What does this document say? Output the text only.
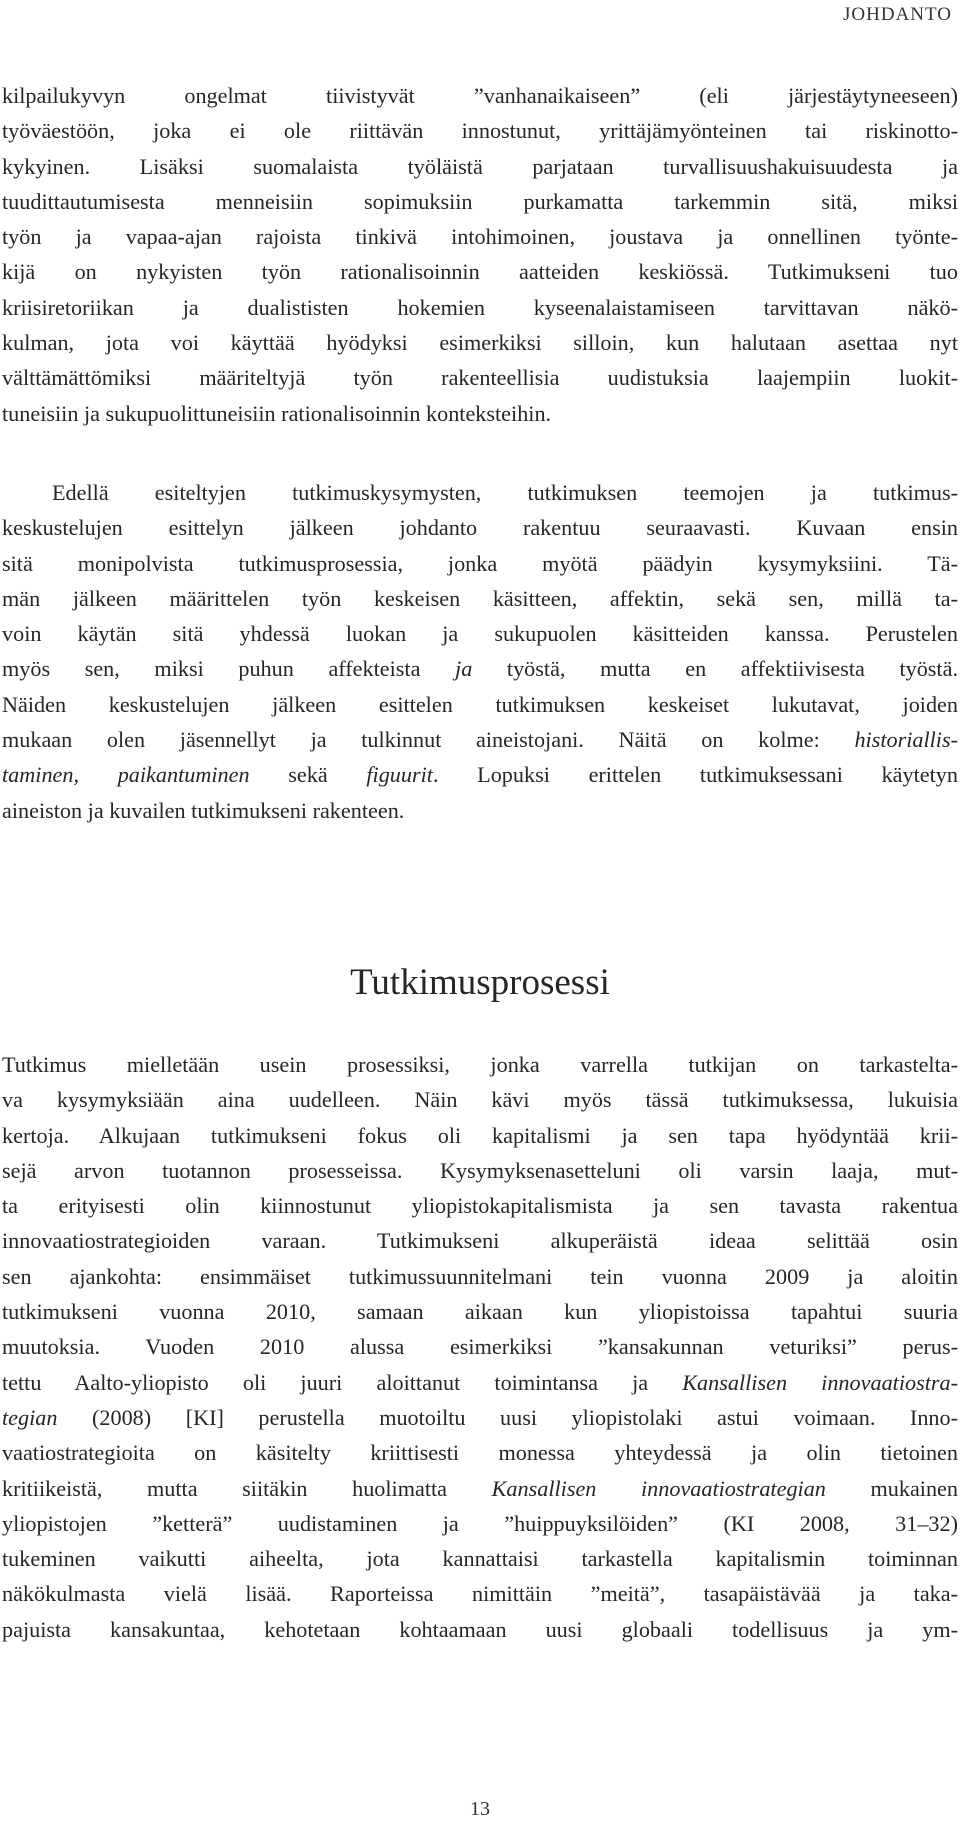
JOHDANTO
kilpailukyvyn ongelmat tiivistyvät ”vanhanaikaiseen” (eli järjestäytyneeseen)
työväestöön, joka ei ole riittävän innostunut, yrittäjämyönteinen tai riskinotto-
kykyinen. Lisäksi suomalaista työläistä parjataan turvallisuushakuisuudesta ja
tuudittautumisesta menneisiin sopimuksiin purkamatta tarkemmin sitä, miksi
työn ja vapaa-ajan rajoista tinkivä intohimoinen, joustava ja onnellinen työnte-
kijä on nykyisten työn rationalisoinnin aatteiden keskiössä. Tutkimukseni tuo
kriisiretoriikan ja dualististen hokemien kyseenalaistamiseen tarvittavan näkö-
kulman, jota voi käyttää hyödyksi esimerkiksi silloin, kun halutaan asettaa nyt
välttämättömiksi määriteltyjä työn rakenteellisia uudistuksia laajempiin luokit-
tuneisiin ja sukupuolittuneisiin rationalisoinnin konteksteihin.
Edellä esiteltyjen tutkimuskysymysten, tutkimuksen teemojen ja tutkimus-
keskustelujen esittelyn jälkeen johdanto rakentuu seuraavasti. Kuvaan ensin
sitä monipolvista tutkimusprosessia, jonka myötä päädyin kysymyksiini. Tä-
män jälkeen määrittelen työn keskeisen käsitteen, affektin, sekä sen, millä ta-
voin käytän sitä yhdessä luokan ja sukupuolen käsitteiden kanssa. Perustelen
myös sen, miksi puhun affekteista ja työstä, mutta en affektiivisesta työstä.
Näiden keskustelujen jälkeen esittelen tutkimuksen keskeiset lukutavat, joiden
mukaan olen jäsennellyt ja tulkinnut aineistojani. Näitä on kolme: historiallis-
taminen, paikantuminen sekä figuurit. Lopuksi erittelen tutkimuksessani käytetyn
aineiston ja kuvailen tutkimukseni rakenteen.
Tutkimusprosessi
Tutkimus mielletään usein prosessiksi, jonka varrella tutkijan on tarkastelta-
va kysymyksiään aina uudelleen. Näin kävi myös tässä tutkimuksessa, lukuisia
kertoja. Alkujaan tutkimukseni fokus oli kapitalismi ja sen tapa hyödyntää krii-
sejä arvon tuotannon prosesseissa. Kysymyksenasetteluni oli varsin laaja, mut-
ta erityisesti olin kiinnostunut yliopistokapitalismista ja sen tavasta rakentua
innovaatiostrategioiden varaan. Tutkimukseni alkuperäistä ideaa selittää osin
sen ajankohta: ensimmäiset tutkimussuunnitelmani tein vuonna 2009 ja aloitin
tutkimukseni vuonna 2010, samaan aikaan kun yliopistoissa tapahtui suuria
muutoksia. Vuoden 2010 alussa esimerkiksi ”kansakunnan veturiksi” perus-
tettu Aalto-yliopisto oli juuri aloittanut toimintansa ja Kansallisen innovaatiostra-
tegian (2008) [KI] perustella muotoiltu uusi yliopistolaki astui voimaan. Inno-
vaatiostrategioita on käsitelty kriittisesti monessa yhteydessä ja olin tietoinen
kritiikeistä, mutta siitäkin huolimatta Kansallisen innovaatiostrategian mukainen
yliopistojen ”ketterä” uudistaminen ja ”huippuyksilöiden” (KI 2008, 31–32)
tukeminen vaikutti aiheelta, jota kannattaisi tarkastella kapitalismin toiminnan
näkökulmasta vielä lisää. Raporteissa nimittäin ”meitä”, tasapäistävää ja taka-
pajuista kansakuntaa, kehotetaan kohtaamaan uusi globaali todellisuus ja ym-
13
